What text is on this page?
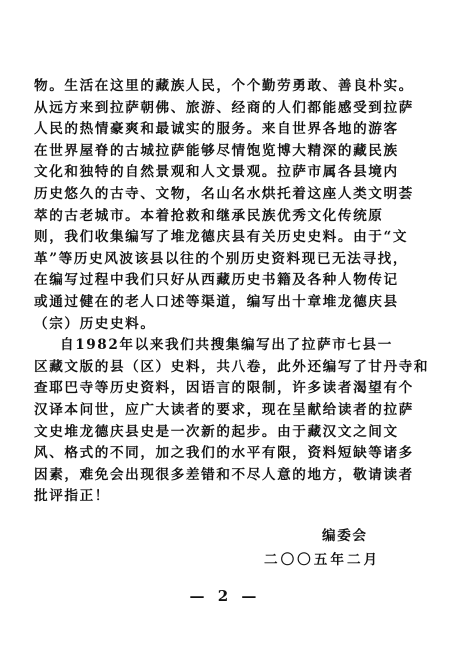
物。生活在这里的藏族人民，个个勤劳勇敢、善良朴实。
从远方来到拉萨朝佛、旅游、经商的人们都能感受到拉萨
人民的热情豪爽和最诚实的服务。来自世界各地的游客
在世界屋脊的古城拉萨能够尽情饱览博大精深的藏民族
文化和独特的自然景观和人文景观。拉萨市属各县境内
历史悠久的古寺、文物，名山名水烘托着这座人类文明荟
萃的古老城市。本着抢救和继承民族优秀文化传统原
则，我们收集编写了堆龙德庆县有关历史史料。由于“文
革”等历史风波该县以往的个别历史资料现已无法寻找，
在编写过程中我们只好从西藏历史书籍及各种人物传记
或通过健在的老人口述等渠道，编写出十章堆龙德庆县
（宗）历史史料。
自1982年以来我们共搜集编写出了拉萨市七县一
区藏文版的县（区）史料，共八卷，此外还编写了甘丹寺和
查耶巴寺等历史资料，因语言的限制，许多读者渴望有个
汉译本问世，应广大读者的要求，现在呈献给读者的拉萨
文史堆龙德庆县史是一次新的起步。由于藏汉文之间文
风、格式的不同，加之我们的水平有限，资料短缺等诸多
因素，难免会出现很多差错和不尽人意的地方，敬请读者
批评指正！
编委会
二〇〇五年二月
— 2 —
